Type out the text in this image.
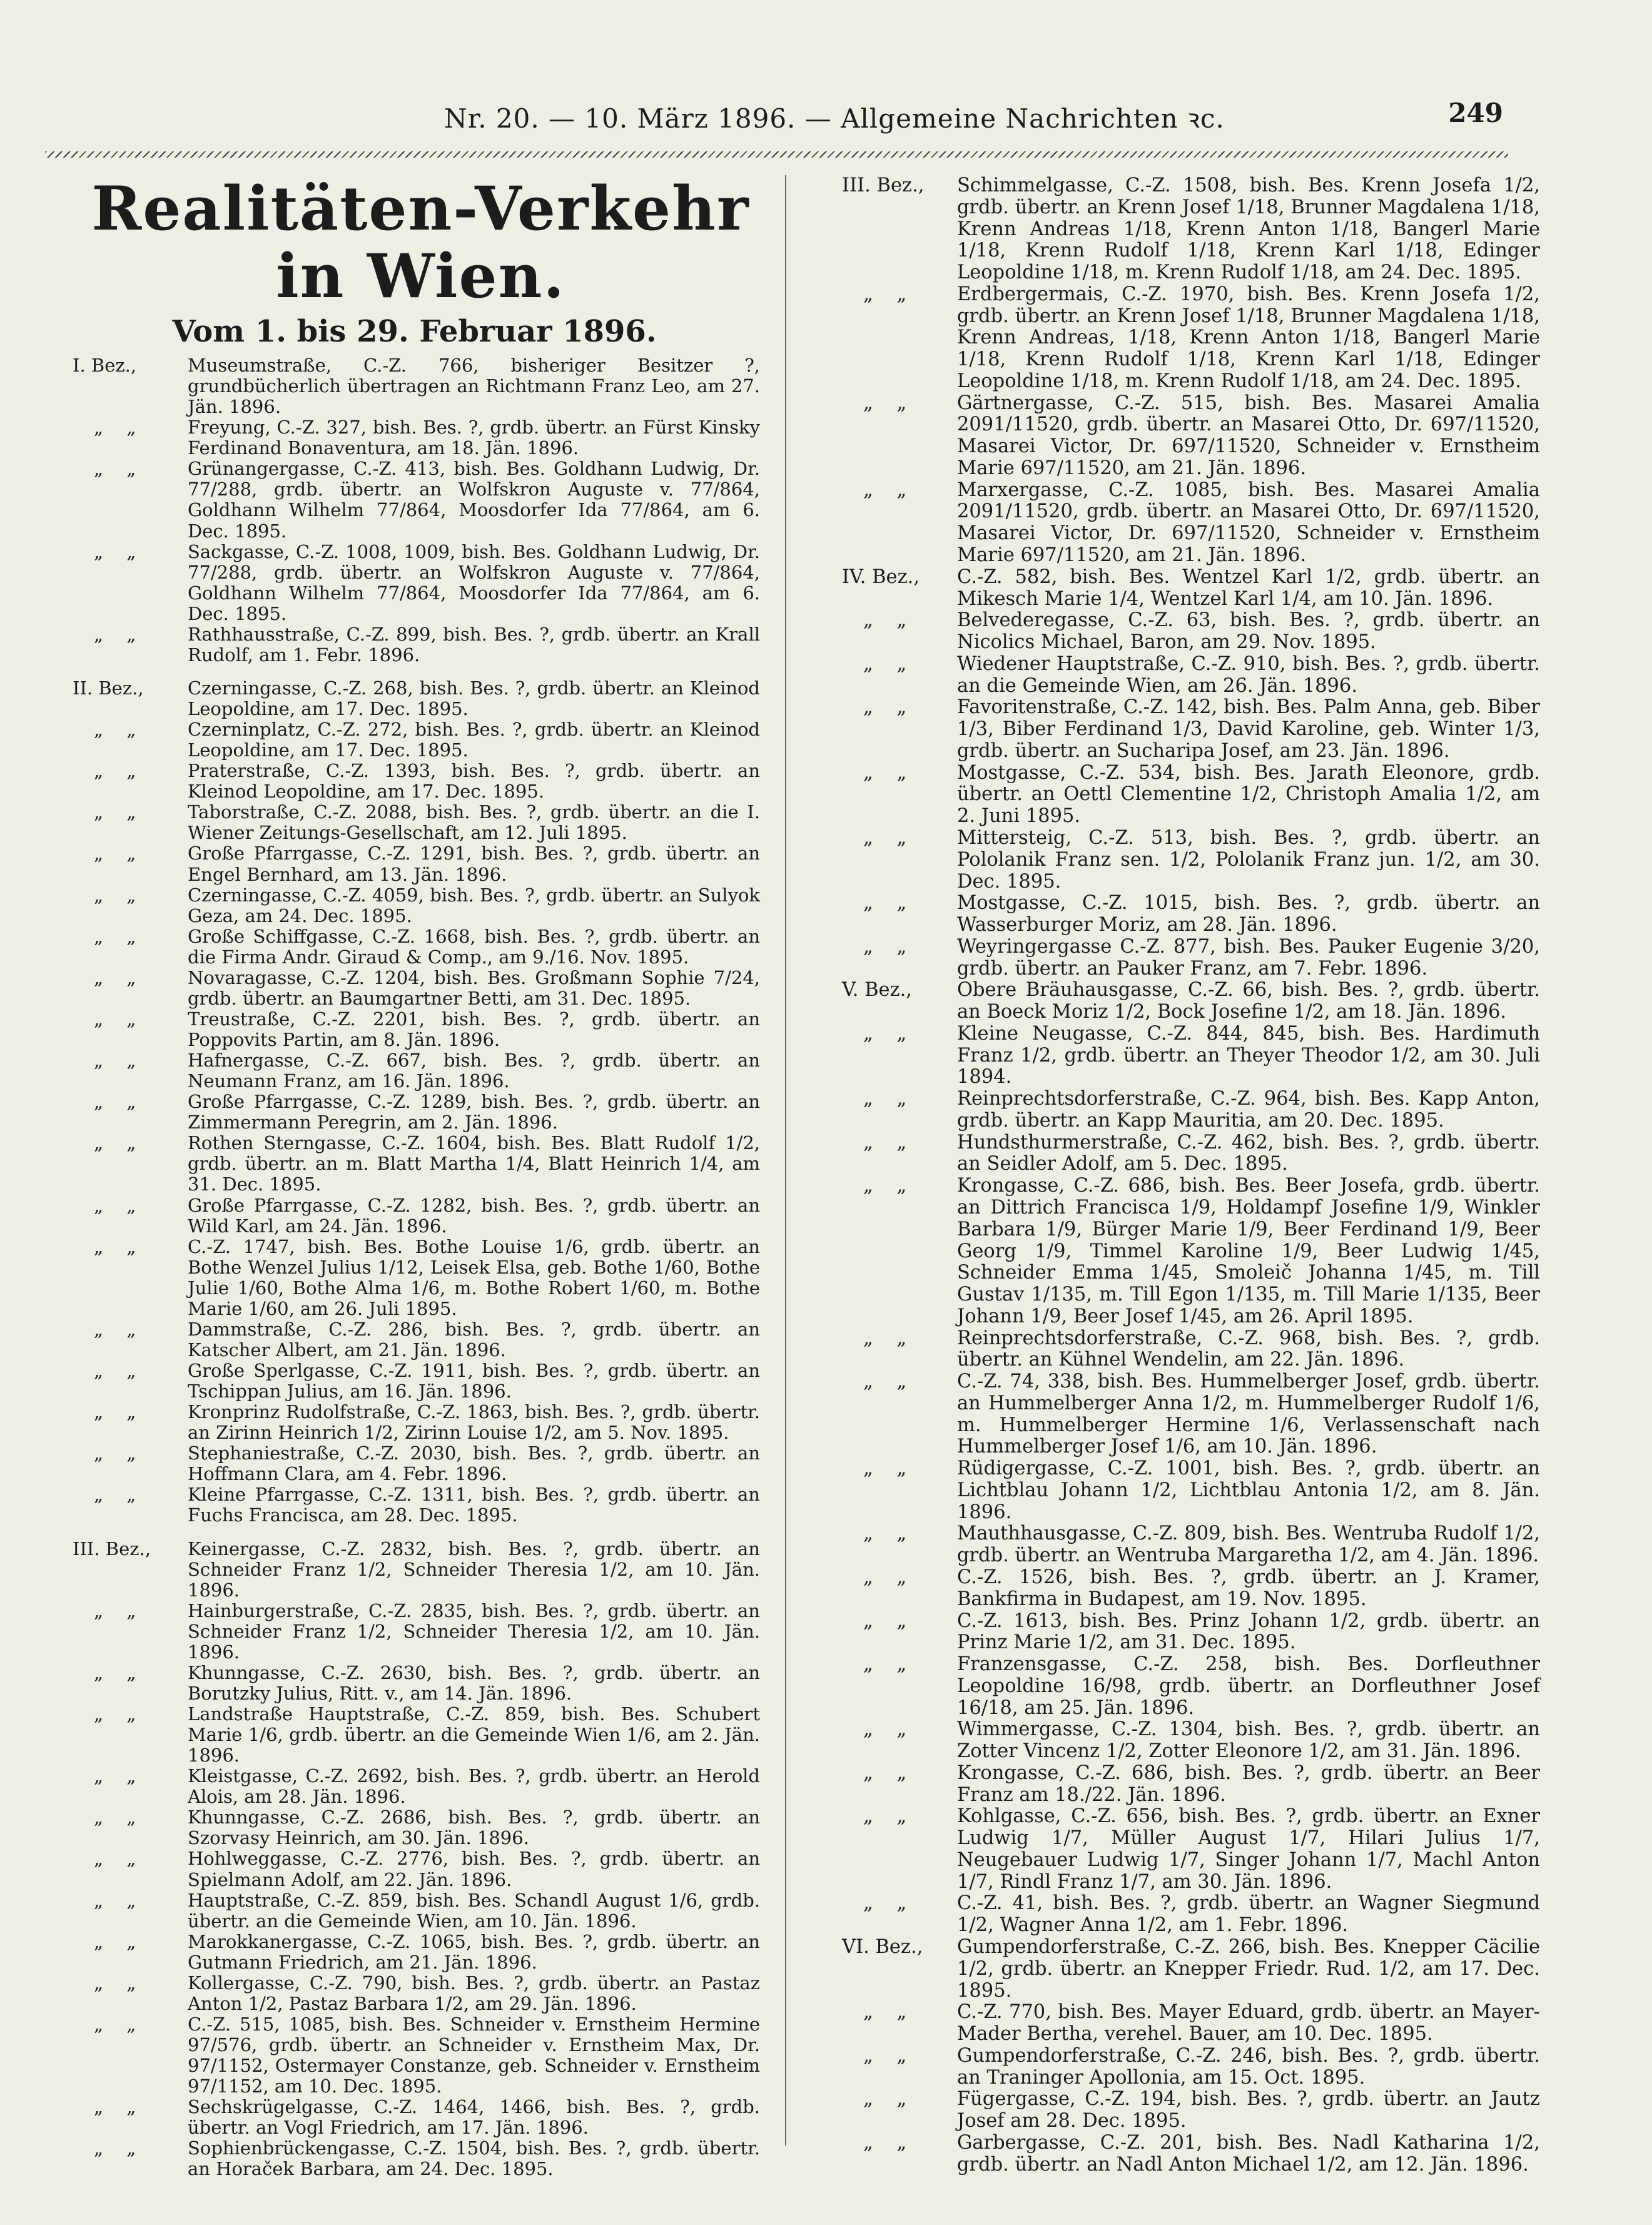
Nr. 20. — 10. März 1896. — Allgemeine Nachrichten ꝛc.	249
Realitäten-Verkehr in Wien.
Vom 1. bis 29. Februar 1896.
I. Bez.,	Museumstraße, C.-Z. 766, bisheriger Besitzer ?, grundbücherlich übertragen an Richtmann Franz Leo, am 27. Jän. 1896.
„ „	Freyung, C.-Z. 327, bish. Bes. ?, grdb. übertr. an Fürst Kinsky Ferdinand Bonaventura, am 18. Jän. 1896.
„ „	Grünangergasse, C.-Z. 413, bish. Bes. Goldhann Ludwig, Dr. 77/288, grdb. übertr. an Wolfskron Auguste v. 77/864, Goldhann Wilhelm 77/864, Moosdorfer Ida 77/864, am 6. Dec. 1895.
„ „	Sackgasse, C.-Z. 1008, 1009, bish. Bes. Goldhann Ludwig, Dr. 77/288, grdb. übertr. an Wolfskron Auguste v. 77/864, Goldhann Wilhelm 77/864, Moosdorfer Ida 77/864, am 6. Dec. 1895.
„ „	Rathhausstraße, C.-Z. 899, bish. Bes. ?, grdb. übertr. an Krall Rudolf, am 1. Febr. 1896.
II. Bez.,	Czerningasse, C.-Z. 268, bish. Bes. ?, grdb. übertr. an Kleinod Leopoldine, am 17. Dec. 1895.
„ „	Czerninplatz, C.-Z. 272, bish. Bes. ?, grdb. übertr. an Kleinod Leopoldine, am 17. Dec. 1895.
„ „	Praterstraße, C.-Z. 1393, bish. Bes. ?, grdb. übertr. an Kleinod Leopoldine, am 17. Dec. 1895.
„ „	Taborstraße, C.-Z. 2088, bish. Bes. ?, grdb. übertr. an die I. Wiener Zeitungs-Gesellschaft, am 12. Juli 1895.
„ „	Große Pfarrgasse, C.-Z. 1291, bish. Bes. ?, grdb. übertr. an Engel Bernhard, am 13. Jän. 1896.
„ „	Czerningasse, C.-Z. 4059, bish. Bes. ?, grdb. übertr. an Sulyok Geza, am 24. Dec. 1895.
„ „	Große Schiffgasse, C.-Z. 1668, bish. Bes. ?, grdb. übertr. an die Firma Andr. Giraud & Comp., am 9./16. Nov. 1895.
„ „	Novaragasse, C.-Z. 1204, bish. Bes. Großmann Sophie 7/24, grdb. übertr. an Baumgartner Betti, am 31. Dec. 1895.
„ „	Treustraße, C.-Z. 2201, bish. Bes. ?, grdb. übertr. an Poppovits Partin, am 8. Jän. 1896.
„ „	Hafnergasse, C.-Z. 667, bish. Bes. ?, grdb. übertr. an Neumann Franz, am 16. Jän. 1896.
„ „	Große Pfarrgasse, C.-Z. 1289, bish. Bes. ?, grdb. übertr. an Zimmermann Peregrin, am 2. Jän. 1896.
„ „	Rothen Sterngasse, C.-Z. 1604, bish. Bes. Blatt Rudolf 1/2, grdb. übertr. an m. Blatt Martha 1/4, Blatt Heinrich 1/4, am 31. Dec. 1895.
„ „	Große Pfarrgasse, C.-Z. 1282, bish. Bes. ?, grdb. übertr. an Wild Karl, am 24. Jän. 1896.
„ „	C.-Z. 1747, bish. Bes. Bothe Louise 1/6, grdb. übertr. an Bothe Wenzel Julius 1/12, Leisek Elsa, geb. Bothe 1/60, Bothe Julie 1/60, Bothe Alma 1/6, m. Bothe Robert 1/60, m. Bothe Marie 1/60, am 26. Juli 1895.
„ „	Dammstraße, C.-Z. 286, bish. Bes. ?, grdb. übertr. an Katscher Albert, am 21. Jän. 1896.
„ „	Große Sperlgasse, C.-Z. 1911, bish. Bes. ?, grdb. übertr. an Tschippan Julius, am 16. Jän. 1896.
„ „	Kronprinz Rudolfstraße, C.-Z. 1863, bish. Bes. ?, grdb. übertr. an Zirinn Heinrich 1/2, Zirinn Louise 1/2, am 5. Nov. 1895.
„ „	Stephaniestraße, C.-Z. 2030, bish. Bes. ?, grdb. übertr. an Hoffmann Clara, am 4. Febr. 1896.
„ „	Kleine Pfarrgasse, C.-Z. 1311, bish. Bes. ?, grdb. übertr. an Fuchs Francisca, am 28. Dec. 1895.
III. Bez.,	Keinergasse, C.-Z. 2832, bish. Bes. ?, grdb. übertr. an Schneider Franz 1/2, Schneider Theresia 1/2, am 10. Jän. 1896.
„ „	Hainburgerstraße, C.-Z. 2835, bish. Bes. ?, grdb. übertr. an Schneider Franz 1/2, Schneider Theresia 1/2, am 10. Jän. 1896.
„ „	Khunngasse, C.-Z. 2630, bish. Bes. ?, grdb. übertr. an Borutzky Julius, Ritt. v., am 14. Jän. 1896.
„ „	Landstraße Hauptstraße, C.-Z. 859, bish. Bes. Schubert Marie 1/6, grdb. übertr. an die Gemeinde Wien 1/6, am 2. Jän. 1896.
„ „	Kleistgasse, C.-Z. 2692, bish. Bes. ?, grdb. übertr. an Herold Alois, am 28. Jän. 1896.
„ „	Khunngasse, C.-Z. 2686, bish. Bes. ?, grdb. übertr. an Szorvasy Heinrich, am 30. Jän. 1896.
„ „	Hohlweggasse, C.-Z. 2776, bish. Bes. ?, grdb. übertr. an Spielmann Adolf, am 22. Jän. 1896.
„ „	Hauptstraße, C.-Z. 859, bish. Bes. Schandl August 1/6, grdb. übertr. an die Gemeinde Wien, am 10. Jän. 1896.
„ „	Marokkanergasse, C.-Z. 1065, bish. Bes. ?, grdb. übertr. an Gutmann Friedrich, am 21. Jän. 1896.
„ „	Kollergasse, C.-Z. 790, bish. Bes. ?, grdb. übertr. an Pastaz Anton 1/2, Pastaz Barbara 1/2, am 29. Jän. 1896.
„ „	C.-Z. 515, 1085, bish. Bes. Schneider v. Ernstheim Hermine 97/576, grdb. übertr. an Schneider v. Ernstheim Max, Dr. 97/1152, Ostermayer Constanze, geb. Schneider v. Ernstheim 97/1152, am 10. Dec. 1895.
„ „	Sechskrügelgasse, C.-Z. 1464, 1466, bish. Bes. ?, grdb. übertr. an Vogl Friedrich, am 17. Jän. 1896.
„ „	Sophienbrückengasse, C.-Z. 1504, bish. Bes. ?, grdb. übertr. an Horaček Barbara, am 24. Dec. 1895.
III. Bez.,	Schimmelgasse, C.-Z. 1508, bish. Bes. Krenn Josefa 1/2, grdb. übertr. an Krenn Josef 1/18, Brunner Magdalena 1/18, Krenn Andreas 1/18, Krenn Anton 1/18, Bangerl Marie 1/18, Krenn Rudolf 1/18, Krenn Karl 1/18, Edinger Leopoldine 1/18, m. Krenn Rudolf 1/18, am 24. Dec. 1895.
„ „	Erdbergermais, C.-Z. 1970, bish. Bes. Krenn Josefa 1/2, grdb. übertr. an Krenn Josef 1/18, Brunner Magdalena 1/18, Krenn Andreas, 1/18, Krenn Anton 1/18, Bangerl Marie 1/18, Krenn Rudolf 1/18, Krenn Karl 1/18, Edinger Leopoldine 1/18, m. Krenn Rudolf 1/18, am 24. Dec. 1895.
„ „	Gärtnergasse, C.-Z. 515, bish. Bes. Masarei Amalia 2091/11520, grdb. übertr. an Masarei Otto, Dr. 697/11520, Masarei Victor, Dr. 697/11520, Schneider v. Ernstheim Marie 697/11520, am 21. Jän. 1896.
„ „	Marxergasse, C.-Z. 1085, bish. Bes. Masarei Amalia 2091/11520, grdb. übertr. an Masarei Otto, Dr. 697/11520, Masarei Victor, Dr. 697/11520, Schneider v. Ernstheim Marie 697/11520, am 21. Jän. 1896.
IV. Bez.,	C.-Z. 582, bish. Bes. Wentzel Karl 1/2, grdb. übertr. an Mikesch Marie 1/4, Wentzel Karl 1/4, am 10. Jän. 1896.
„ „	Belvederegasse, C.-Z. 63, bish. Bes. ?, grdb. übertr. an Nicolics Michael, Baron, am 29. Nov. 1895.
„ „	Wiedener Hauptstraße, C.-Z. 910, bish. Bes. ?, grdb. übertr. an die Gemeinde Wien, am 26. Jän. 1896.
„ „	Favoritenstraße, C.-Z. 142, bish. Bes. Palm Anna, geb. Biber 1/3, Biber Ferdinand 1/3, David Karoline, geb. Winter 1/3, grdb. übertr. an Sucharipa Josef, am 23. Jän. 1896.
„ „	Mostgasse, C.-Z. 534, bish. Bes. Jarath Eleonore, grdb. übertr. an Oettl Clementine 1/2, Christoph Amalia 1/2, am 2. Juni 1895.
„ „	Mittersteig, C.-Z. 513, bish. Bes. ?, grdb. übertr. an Pololanik Franz sen. 1/2, Pololanik Franz jun. 1/2, am 30. Dec. 1895.
„ „	Mostgasse, C.-Z. 1015, bish. Bes. ?, grdb. übertr. an Wasserburger Moriz, am 28. Jän. 1896.
„ „	Weyringergasse C.-Z. 877, bish. Bes. Pauker Eugenie 3/20, grdb. übertr. an Pauker Franz, am 7. Febr. 1896.
V. Bez.,	Obere Bräuhausgasse, C.-Z. 66, bish. Bes. ?, grdb. übertr. an Boeck Moriz 1/2, Bock Josefine 1/2, am 18. Jän. 1896.
„ „	Kleine Neugasse, C.-Z. 844, 845, bish. Bes. Hardimuth Franz 1/2, grdb. übertr. an Theyer Theodor 1/2, am 30. Juli 1894.
„ „	Reinprechtsdorferstraße, C.-Z. 964, bish. Bes. Kapp Anton, grdb. übertr. an Kapp Mauritia, am 20. Dec. 1895.
„ „	Hundsthurmerstraße, C.-Z. 462, bish. Bes. ?, grdb. übertr. an Seidler Adolf, am 5. Dec. 1895.
„ „	Krongasse, C.-Z. 686, bish. Bes. Beer Josefa, grdb. übertr. an Dittrich Francisca 1/9, Holdampf Josefine 1/9, Winkler Barbara 1/9, Bürger Marie 1/9, Beer Ferdinand 1/9, Beer Georg 1/9, Timmel Karoline 1/9, Beer Ludwig 1/45, Schneider Emma 1/45, Smoleič Johanna 1/45, m. Till Gustav 1/135, m. Till Egon 1/135, m. Till Marie 1/135, Beer Johann 1/9, Beer Josef 1/45, am 26. April 1895.
„ „	Reinprechtsdorferstraße, C.-Z. 968, bish. Bes. ?, grdb. übertr. an Kühnel Wendelin, am 22. Jän. 1896.
„ „	C.-Z. 74, 338, bish. Bes. Hummelberger Josef, grdb. übertr. an Hummelberger Anna 1/2, m. Hummelberger Rudolf 1/6, m. Hummelberger Hermine 1/6, Verlassenschaft nach Hummelberger Josef 1/6, am 10. Jän. 1896.
„ „	Rüdigergasse, C.-Z. 1001, bish. Bes. ?, grdb. übertr. an Lichtblau Johann 1/2, Lichtblau Antonia 1/2, am 8. Jän. 1896.
„ „	Mauthhausgasse, C.-Z. 809, bish. Bes. Wentruba Rudolf 1/2, grdb. übertr. an Wentruba Margaretha 1/2, am 4. Jän. 1896.
„ „	C.-Z. 1526, bish. Bes. ?, grdb. übertr. an J. Kramer, Bankfirma in Budapest, am 19. Nov. 1895.
„ „	C.-Z. 1613, bish. Bes. Prinz Johann 1/2, grdb. übertr. an Prinz Marie 1/2, am 31. Dec. 1895.
„ „	Franzensgasse, C.-Z. 258, bish. Bes. Dorfleuthner Leopoldine 16/98, grdb. übertr. an Dorfleuthner Josef 16/18, am 25. Jän. 1896.
„ „	Wimmergasse, C.-Z. 1304, bish. Bes. ?, grdb. übertr. an Zotter Vincenz 1/2, Zotter Eleonore 1/2, am 31. Jän. 1896.
„ „	Krongasse, C.-Z. 686, bish. Bes. ?, grdb. übertr. an Beer Franz am 18./22. Jän. 1896.
„ „	Kohlgasse, C.-Z. 656, bish. Bes. ?, grdb. übertr. an Exner Ludwig 1/7, Müller August 1/7, Hilari Julius 1/7, Neugebauer Ludwig 1/7, Singer Johann 1/7, Machl Anton 1/7, Rindl Franz 1/7, am 30. Jän. 1896.
„ „	C.-Z. 41, bish. Bes. ?, grdb. übertr. an Wagner Siegmund 1/2, Wagner Anna 1/2, am 1. Febr. 1896.
VI. Bez.,	Gumpendorferstraße, C.-Z. 266, bish. Bes. Knepper Cäcilie 1/2, grdb. übertr. an Knepper Friedr. Rud. 1/2, am 17. Dec. 1895.
„ „	C.-Z. 770, bish. Bes. Mayer Eduard, grdb. übertr. an Mayer-Mader Bertha, verehel. Bauer, am 10. Dec. 1895.
„ „	Gumpendorferstraße, C.-Z. 246, bish. Bes. ?, grdb. übertr. an Traninger Apollonia, am 15. Oct. 1895.
„ „	Fügergasse, C.-Z. 194, bish. Bes. ?, grdb. übertr. an Jautz Josef am 28. Dec. 1895.
„ „	Garbergasse, C.-Z. 201, bish. Bes. Nadl Katharina 1/2, grdb. übertr. an Nadl Anton Michael 1/2, am 12. Jän. 1896.
